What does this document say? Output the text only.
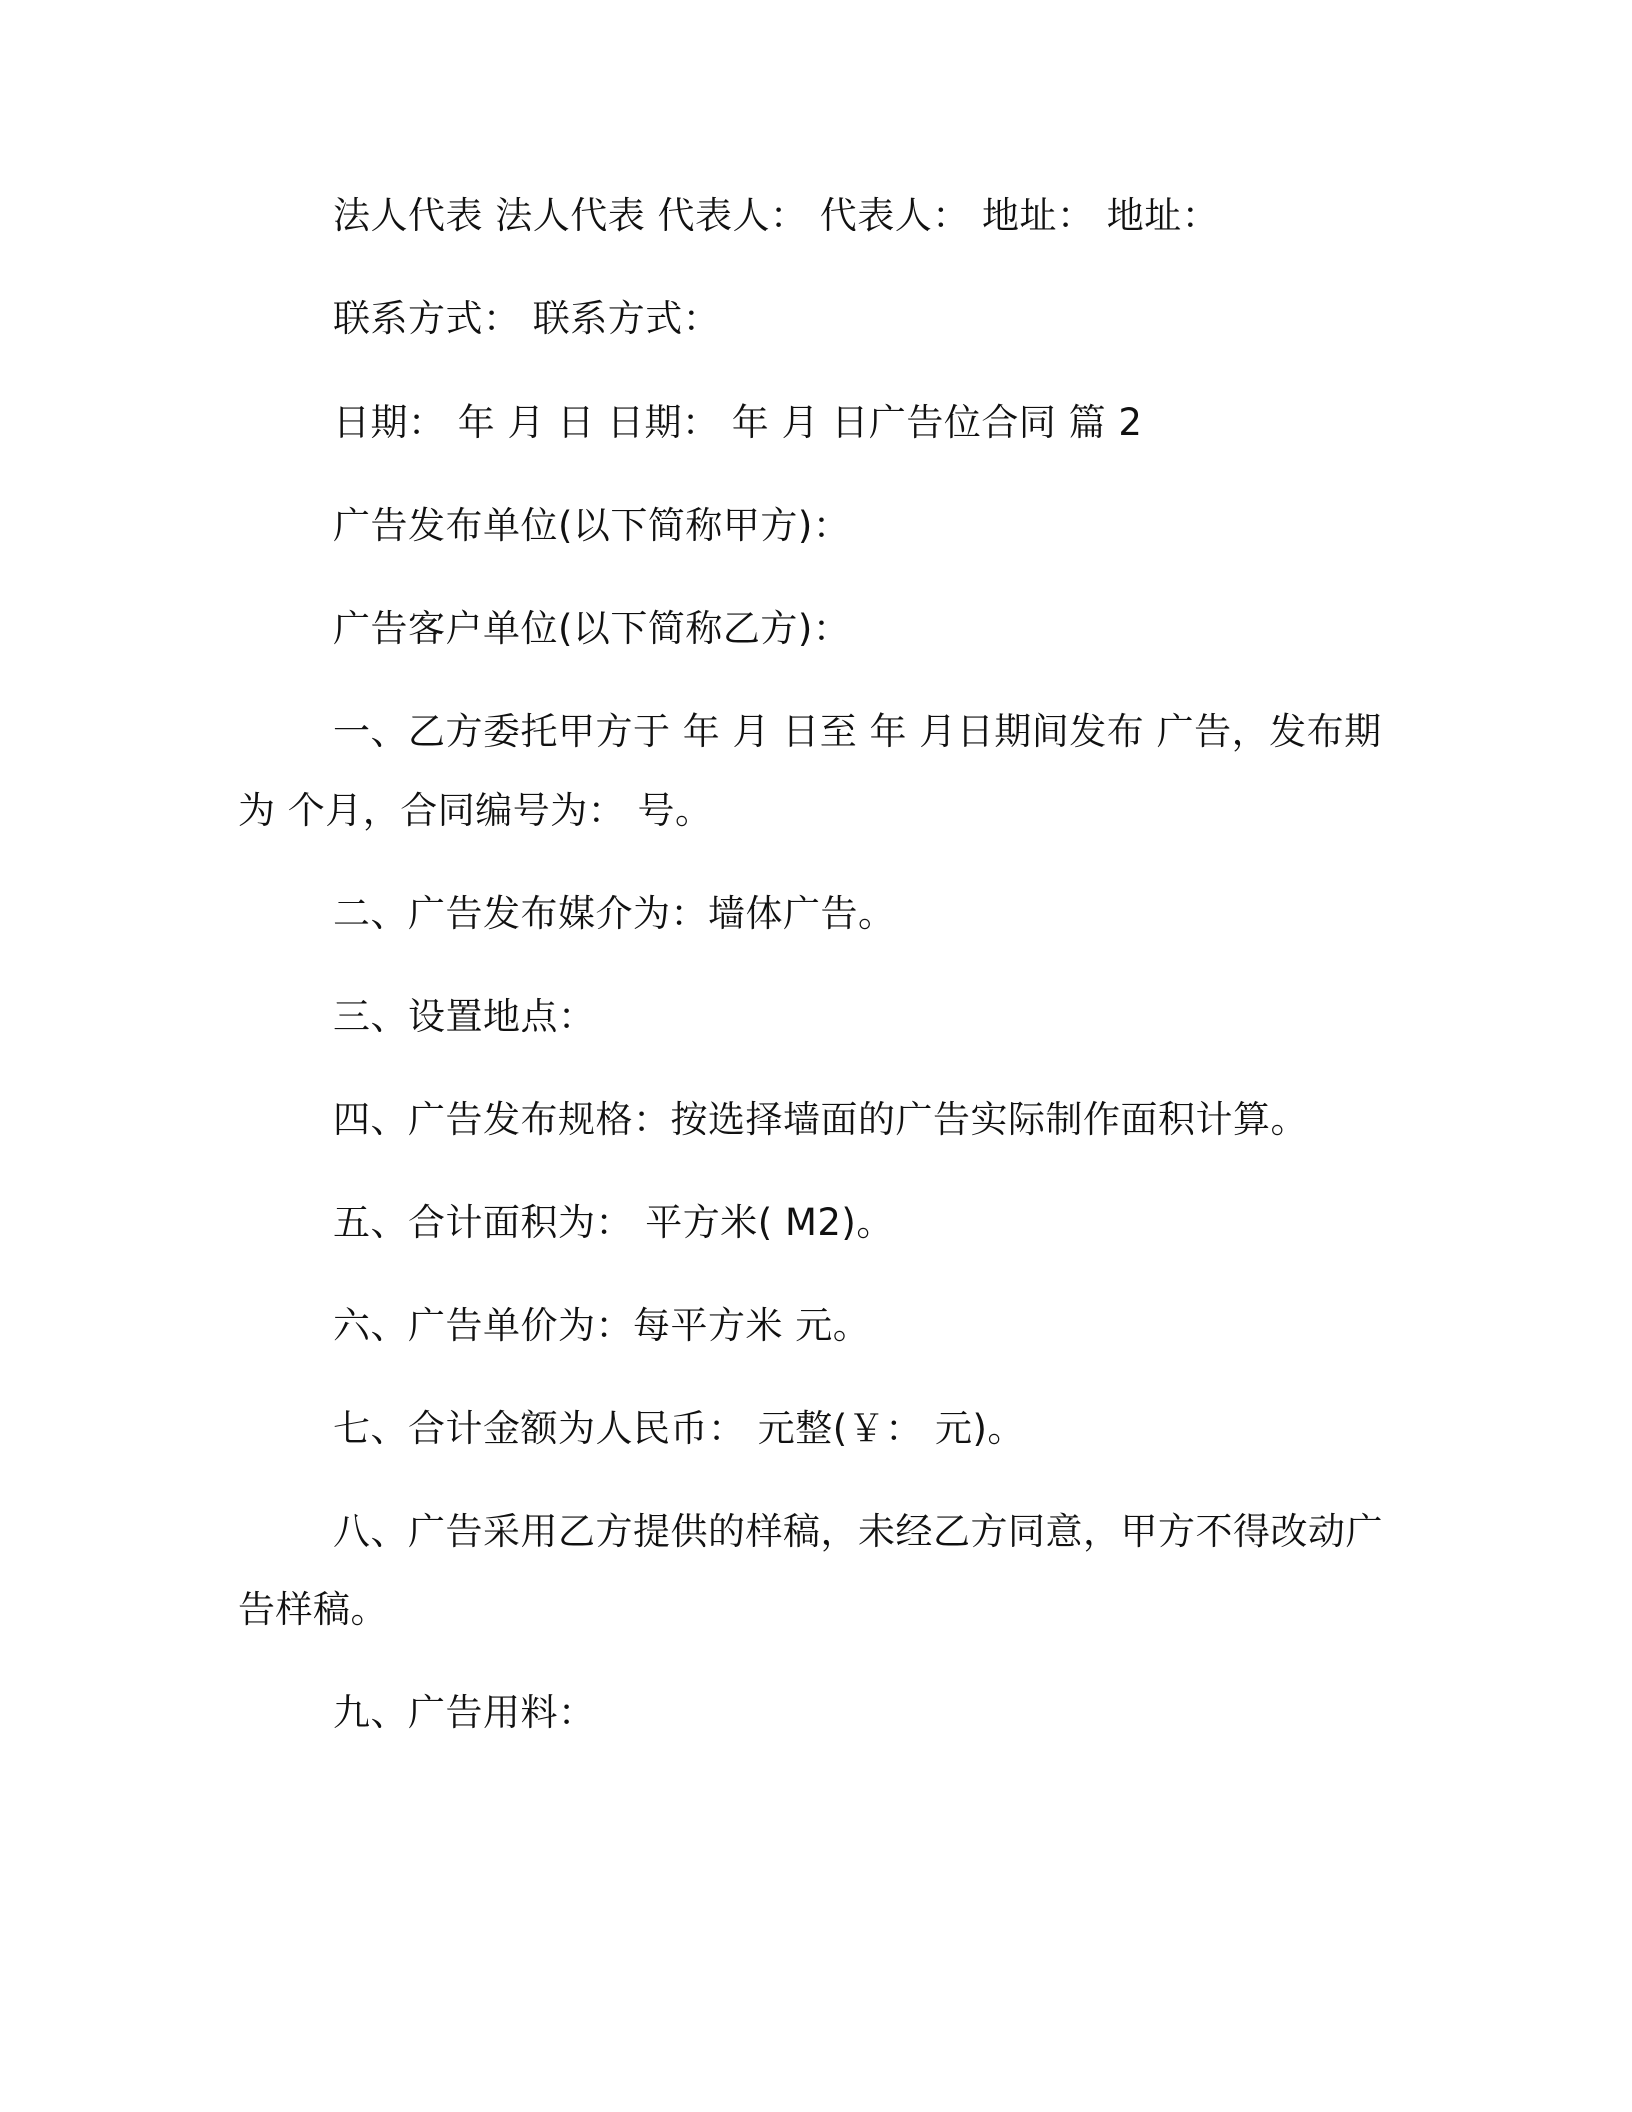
法人代表 法人代表 代表人： 代表人： 地址： 地址：
联系方式： 联系方式：
日期： 年 月 日 日期： 年 月 日广告位合同 篇 2
广告发布单位(以下简称甲方)：
广告客户单位(以下简称乙方)：
一、乙方委托甲方于 年 月 日至 年 月日期间发布 广告，发布期
为 个月，合同编号为： 号。
二、广告发布媒介为：墙体广告。
三、设置地点：
四、广告发布规格：按选择墙面的广告实际制作面积计算。
五、合计面积为： 平方米( M2)。
六、广告单价为：每平方米 元。
七、合计金额为人民币： 元整(￥： 元)。
八、广告采用乙方提供的样稿，未经乙方同意，甲方不得改动广
告样稿。
九、广告用料：
